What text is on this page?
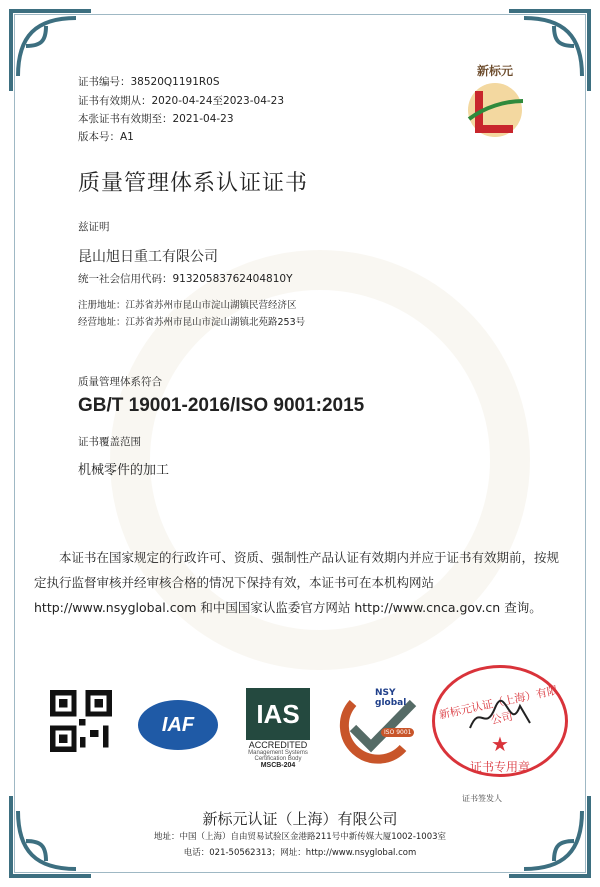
证书编号：38520Q1191R0S
证书有效期从：2020-04-24至2023-04-23
本张证书有效期至：2021-04-23
版本号：A1
新标元
质量管理体系认证证书
兹证明
昆山旭日重工有限公司
统一社会信用代码：91320583762404810Y
注册地址：江苏省苏州市昆山市淀山湖镇民营经济区
经营地址：江苏省苏州市昆山市淀山湖镇北苑路253号
质量管理体系符合
GB/T 19001-2016/ISO 9001:2015
证书覆盖范围
机械零件的加工
本证书在国家规定的行政许可、资质、强制性产品认证有效期内并应于证书有效期前，按规定执行监督审核并经审核合格的情况下保持有效，本证书可在本机构网站 http://www.nsyglobal.com 和中国国家认监委官方网站 http://www.cnca.gov.cn 查询。
IAF	IAS
ACCREDITED
Management Systems
Certification Body
MSCB-204
NSY
global
ISO 9001
新标元认证（上海）有限公司
★
证书专用章
证书签发人
新标元认证（上海）有限公司
地址：中国（上海）自由贸易试验区金港路211号中新传媒大厦1002-1003室
电话：021-50562313；网址：http://www.nsyglobal.com
